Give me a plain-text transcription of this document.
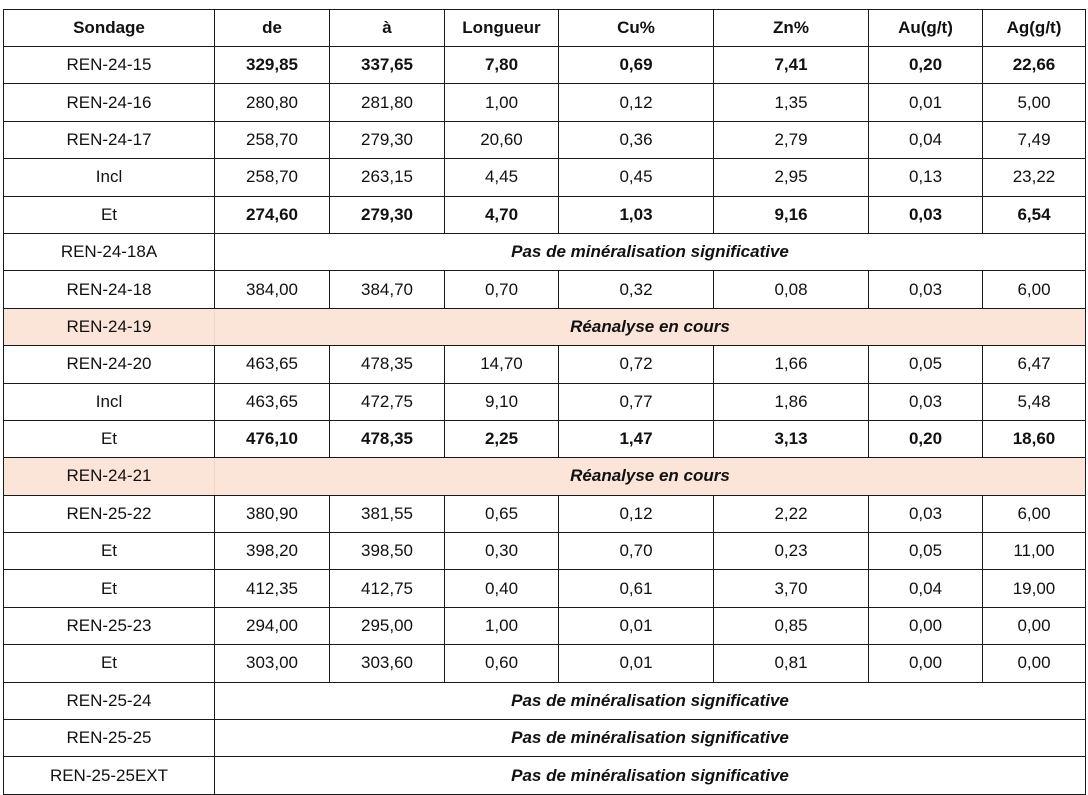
Sondage	de	à	Longueur	Cu%	Zn%	Au(g/t)	Ag(g/t)
REN-24-15	329,85	337,65	7,80	0,69	7,41	0,20	22,66
REN-24-16	280,80	281,80	1,00	0,12	1,35	0,01	5,00
REN-24-17	258,70	279,30	20,60	0,36	2,79	0,04	7,49
Incl	258,70	263,15	4,45	0,45	2,95	0,13	23,22
Et	274,60	279,30	4,70	1,03	9,16	0,03	6,54
REN-24-18A	Pas de minéralisation significative						
REN-24-18	384,00	384,70	0,70	0,32	0,08	0,03	6,00
REN-24-19	Réanalyse en cours						
REN-24-20	463,65	478,35	14,70	0,72	1,66	0,05	6,47
Incl	463,65	472,75	9,10	0,77	1,86	0,03	5,48
Et	476,10	478,35	2,25	1,47	3,13	0,20	18,60
REN-24-21	Réanalyse en cours						
REN-25-22	380,90	381,55	0,65	0,12	2,22	0,03	6,00
Et	398,20	398,50	0,30	0,70	0,23	0,05	11,00
Et	412,35	412,75	0,40	0,61	3,70	0,04	19,00
REN-25-23	294,00	295,00	1,00	0,01	0,85	0,00	0,00
Et	303,00	303,60	0,60	0,01	0,81	0,00	0,00
REN-25-24	Pas de minéralisation significative						
REN-25-25	Pas de minéralisation significative						
REN-25-25EXT	Pas de minéralisation significative						
